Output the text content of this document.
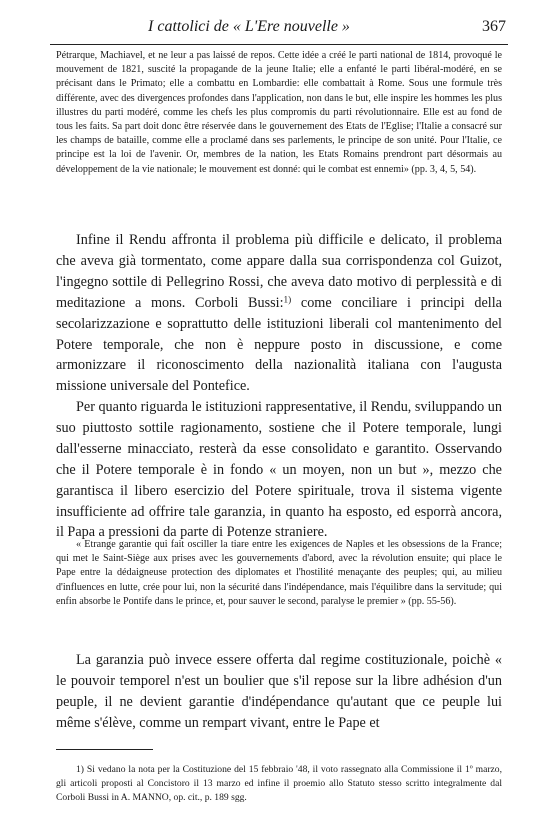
I cattolici de « L'Ere nouvelle »	367

Pétrarque, Machiavel, et ne leur a pas laissé de repos. Cette idée a créé le parti national de 1814, provoqué le mouvement de 1821, suscité la propagande de la jeune Italie; elle a enfanté le parti libéral-modéré, en se précisant dans le Primato; elle a combattu en Lombardie: elle combattait à Rome. Sous une formule très différente, avec des divergences profondes dans l'application, non dans le but, elle inspire les hommes les plus illustres du parti modéré, comme les chefs les plus compromis du parti révolutionnaire. Elle est au fond de tous les faits. Sa part doit donc être réservée dans le gouvernement des Etats de l'Eglise; l'Italie a consacré sur les champs de bataille, comme elle a proclamé dans ses parlements, le principe de son unité. Pour l'Italie, ce principe est la loi de l'avenir. Or, membres de la nation, les Etats Romains prendront part désormais au développement de la vie nationale; le mouvement est donné: qui le combat est ennemi» (pp. 3, 4, 5, 54).

Infine il Rendu affronta il problema più difficile e delicato, il problema che aveva già tormentato, come appare dalla sua corrispondenza col Guizot, l'ingegno sottile di Pellegrino Rossi, che aveva dato motivo di perplessità e di meditazione a mons. Corboli Bussi:$^{1)}$ come conciliare i principi della secolarizzazione e soprattutto delle istituzioni liberali col mantenimento del Potere temporale, che non è neppure posto in discussione, e come armonizzare il riconoscimento della nazionalità italiana con l'augusta missione universale del Pontefice.

Per quanto riguarda le istituzioni rappresentative, il Rendu, sviluppando un suo piuttosto sottile ragionamento, sostiene che il Potere temporale, lungi dall'esserne minacciato, resterà da esse consolidato e garantito. Osservando che il Potere temporale è in fondo « un moyen, non un but », mezzo che garantisca il libero esercizio del Potere spirituale, trova il sistema vigente insufficiente ad offrire tale garanzia, in quanto ha esposto, ed esporrà ancora, il Papa a pressioni da parte di Potenze straniere.

« Etrange garantie qui fait osciller la tiare entre les exigences de Naples et les obsessions de la France; qui met le Saint-Siège aux prises avec les gouvernements d'abord, avec la révolution ensuite; qui place le Pape entre la dédaigneuse protection des diplomates et l'hostilité menaçante des peuples; qui, au milieu d'influences en lutte, crée pour lui, non la sécurité dans l'indépendance, mais l'équilibre dans la servitude; qui enfin absorbe le Pontife dans le prince, et, pour sauver le second, paralyse le premier » (pp. 55-56).

La garanzia può invece essere offerta dal regime costituzionale, poichè « le pouvoir temporel n'est un boulier que s'il repose sur la libre adhésion d'un peuple, il ne devient garantie d'indépendance qu'autant que ce peuple lui même s'élève, comme un rempart vivant, entre le Pape et

1) Si vedano la nota per la Costituzione del 15 febbraio '48, il voto rassegnato alla Commissione il 1º marzo, gli articoli proposti al Concistoro il 13 marzo ed infine il proemio allo Statuto stesso scritto integralmente dal Corboli Bussi in A. MANNO, op. cit., p. 189 sgg.
